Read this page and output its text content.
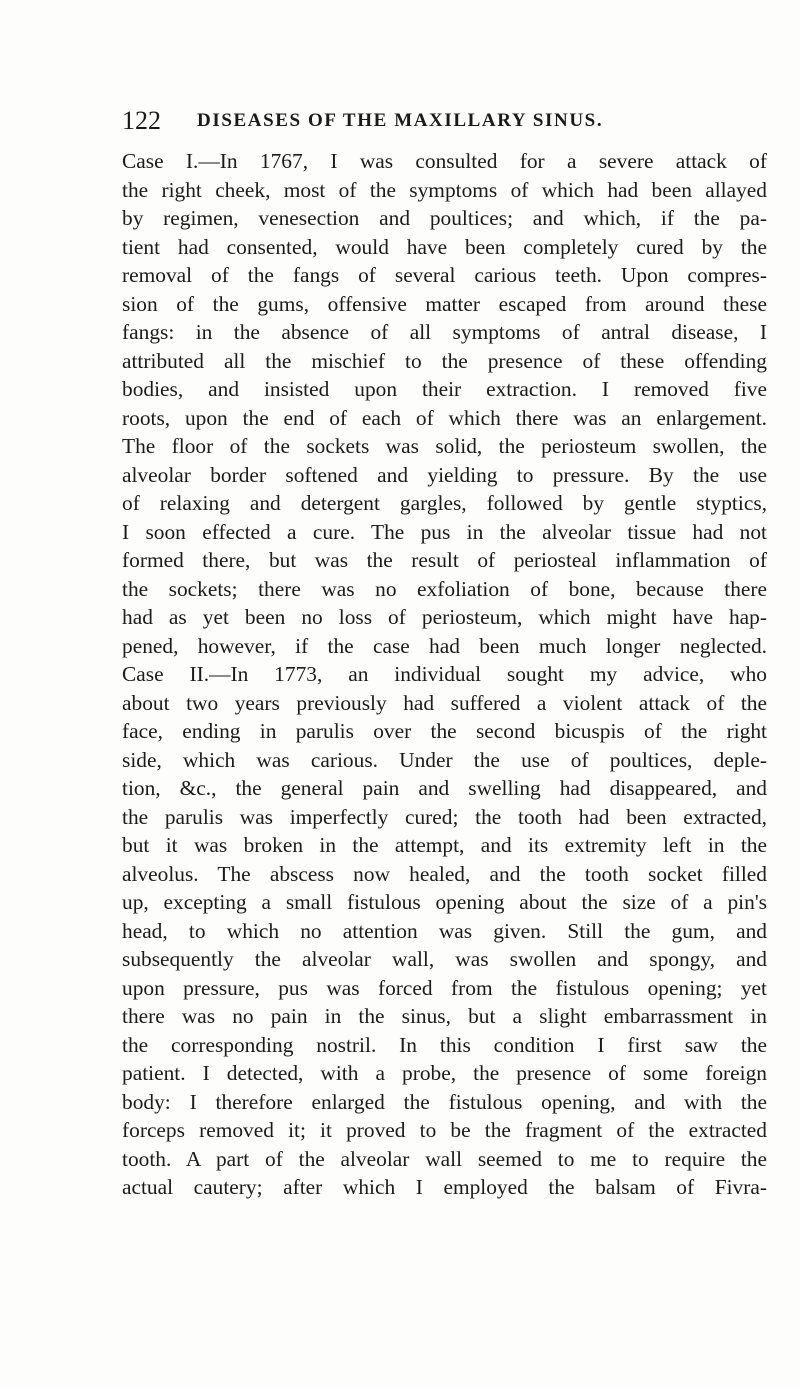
122 DISEASES OF THE MAXILLARY SINUS.
Case I.—In 1767, I was consulted for a severe attack of
the right cheek, most of the symptoms of which had been allayed
by regimen, venesection and poultices; and which, if the pa-
tient had consented, would have been completely cured by the
removal of the fangs of several carious teeth. Upon compres-
sion of the gums, offensive matter escaped from around these
fangs: in the absence of all symptoms of antral disease, I
attributed all the mischief to the presence of these offending
bodies, and insisted upon their extraction. I removed five
roots, upon the end of each of which there was an enlargement.
The floor of the sockets was solid, the periosteum swollen, the
alveolar border softened and yielding to pressure. By the use
of relaxing and detergent gargles, followed by gentle styptics,
I soon effected a cure. The pus in the alveolar tissue had not
formed there, but was the result of periosteal inflammation of
the sockets; there was no exfoliation of bone, because there
had as yet been no loss of periosteum, which might have hap-
pened, however, if the case had been much longer neglected.
Case II.—In 1773, an individual sought my advice, who
about two years previously had suffered a violent attack of the
face, ending in parulis over the second bicuspis of the right
side, which was carious. Under the use of poultices, deple-
tion, &c., the general pain and swelling had disappeared, and
the parulis was imperfectly cured; the tooth had been extracted,
but it was broken in the attempt, and its extremity left in the
alveolus. The abscess now healed, and the tooth socket filled
up, excepting a small fistulous opening about the size of a pin's
head, to which no attention was given. Still the gum, and
subsequently the alveolar wall, was swollen and spongy, and
upon pressure, pus was forced from the fistulous opening; yet
there was no pain in the sinus, but a slight embarrassment in
the corresponding nostril. In this condition I first saw the
patient. I detected, with a probe, the presence of some foreign
body: I therefore enlarged the fistulous opening, and with the
forceps removed it; it proved to be the fragment of the extracted
tooth. A part of the alveolar wall seemed to me to require the
actual cautery; after which I employed the balsam of Fivra-
